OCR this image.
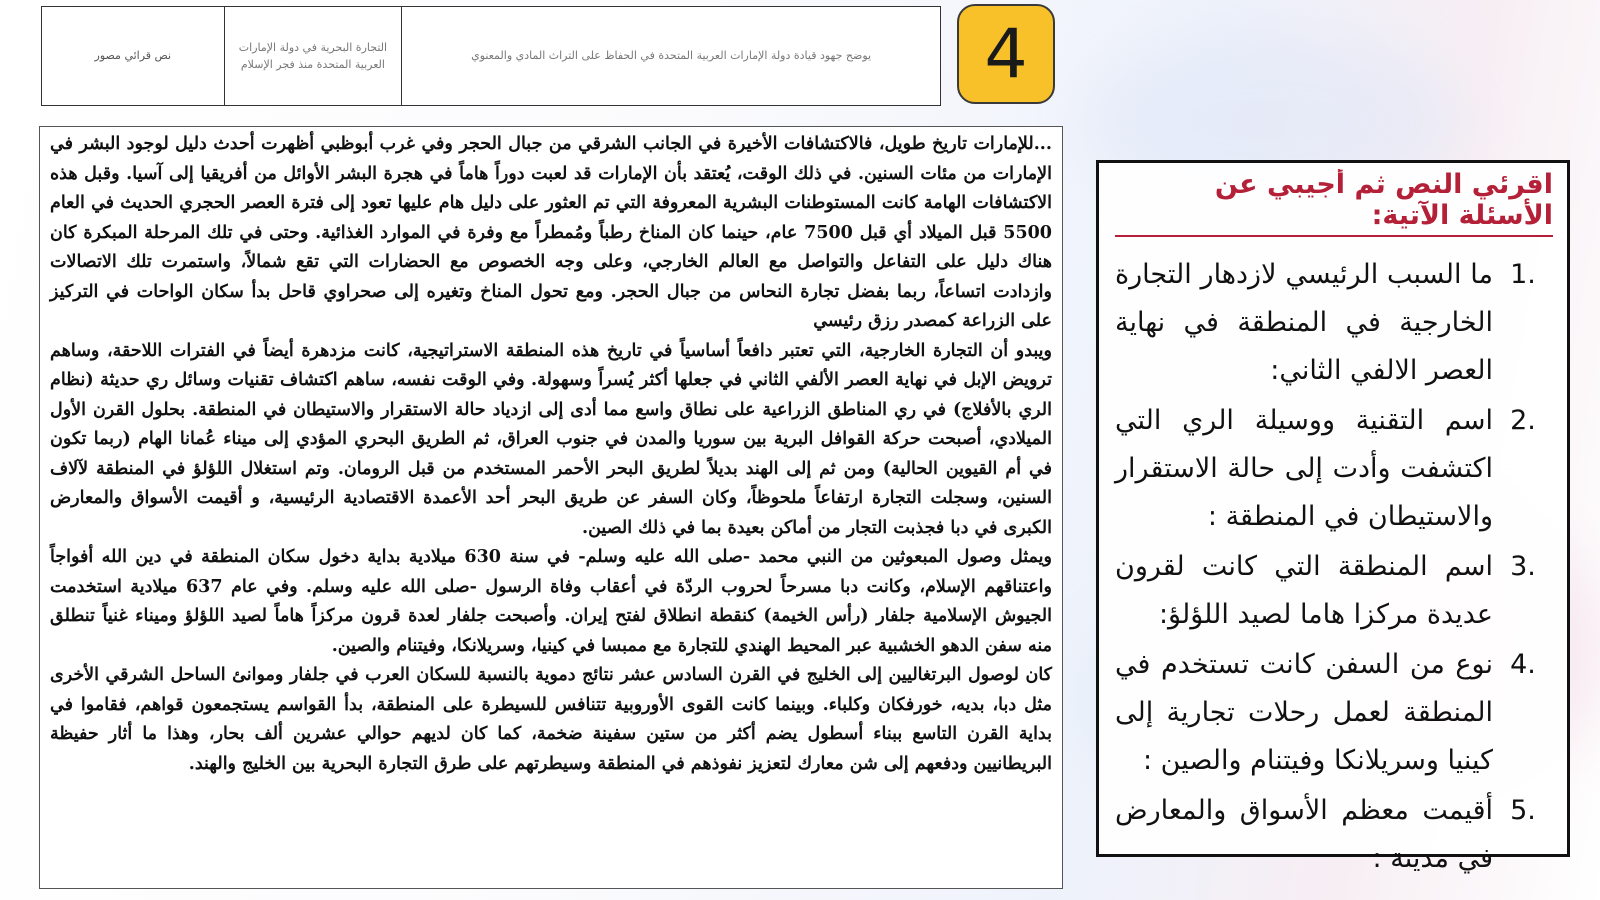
4
يوضح جهود قيادة دولة الإمارات العربية المتحدة في الحفاظ على التراث المادي والمعنوي
التجارة البحرية في دولة الإمارات العربية المتحدة منذ فجر الإسلام
نص قرائي مصور

...للإمارات تاريخ طويل، فالاكتشافات الأخيرة في الجانب الشرقي من جبال الحجر وفي غرب أبوظبي أظهرت أحدث دليل لوجود البشر في الإمارات من مئات السنين. في ذلك الوقت، يُعتقد بأن الإمارات قد لعبت دوراً هاماً في هجرة البشر الأوائل من أفريقيا إلى آسيا. وقبل هذه الاكتشافات الهامة كانت المستوطنات البشرية المعروفة التي تم العثور على دليل هام عليها تعود إلى فترة العصر الحجري الحديث في العام 5500 قبل الميلاد أي قبل 7500 عام، حينما كان المناخ رطباً ومُمطراً مع وفرة في الموارد الغذائية. وحتى في تلك المرحلة المبكرة كان هناك دليل على التفاعل والتواصل مع العالم الخارجي، وعلى وجه الخصوص مع الحضارات التي تقع شمالاً، واستمرت تلك الاتصالات وازدادت اتساعاً، ربما بفضل تجارة النحاس من جبال الحجر. ومع تحول المناخ وتغيره إلى صحراوي قاحل بدأ سكان الواحات في التركيز على الزراعة كمصدر رزق رئيسي

ويبدو أن التجارة الخارجية، التي تعتبر دافعاً أساسياً في تاريخ هذه المنطقة الاستراتيجية، كانت مزدهرة أيضاً في الفترات اللاحقة، وساهم ترويض الإبل في نهاية العصر الألفي الثاني في جعلها أكثر يُسراً وسهولة. وفي الوقت نفسه، ساهم اكتشاف تقنيات وسائل ري حديثة (نظام الري بالأفلاج) في ري المناطق الزراعية على نطاق واسع مما أدى إلى ازدياد حالة الاستقرار والاستيطان في المنطقة. بحلول القرن الأول الميلادي، أصبحت حركة القوافل البرية بين سوريا والمدن في جنوب العراق، ثم الطريق البحري المؤدي إلى ميناء عُمانا الهام (ربما تكون في أم القيوين الحالية) ومن ثم إلى الهند بديلاً لطريق البحر الأحمر المستخدم من قبل الرومان. وتم استغلال اللؤلؤ في المنطقة لآلاف السنين، وسجلت التجارة ارتفاعاً ملحوظاً، وكان السفر عن طريق البحر أحد الأعمدة الاقتصادية الرئيسية، و أقيمت الأسواق والمعارض الكبرى في دبا فجذبت التجار من أماكن بعيدة بما في ذلك الصين.

ويمثل وصول المبعوثين من النبي محمد -صلى الله عليه وسلم- في سنة 630 ميلادية بداية دخول سكان المنطقة في دين الله أفواجاً واعتناقهم الإسلام، وكانت دبا مسرحاً لحروب الردّة في أعقاب وفاة الرسول -صلى الله عليه وسلم. وفي عام 637 ميلادية استخدمت الجيوش الإسلامية جلفار (رأس الخيمة) كنقطة انطلاق لفتح إيران. وأصبحت جلفار لعدة قرون مركزاً هاماً لصيد اللؤلؤ وميناء غنياً تنطلق منه سفن الدهو الخشبية عبر المحيط الهندي للتجارة مع ممبسا في كينيا، وسريلانكا، وفيتنام والصين.

كان لوصول البرتغاليين إلى الخليج في القرن السادس عشر نتائج دموية بالنسبة للسكان العرب في جلفار وموانئ الساحل الشرقي الأخرى مثل دبا، بديه، خورفكان وكلباء. وبينما كانت القوى الأوروبية تتنافس للسيطرة على المنطقة، بدأ القواسم يستجمعون قواهم، فقاموا في بداية القرن التاسع ببناء أسطول يضم أكثر من ستين سفينة ضخمة، كما كان لديهم حوالي عشرين ألف بحار، وهذا ما أثار حفيظة البريطانيين ودفعهم إلى شن معارك لتعزيز نفوذهم في المنطقة وسيطرتهم على طرق التجارة البحرية بين الخليج والهند.

اقرئي النص ثم أجيبي عن الأسئلة الآتية:
1.
ما السبب الرئيسي لازدهار التجارة الخارجية في المنطقة في نهاية العصر الالفي الثاني:
2.
اسم التقنية ووسيلة الري التي اكتشفت وأدت إلى حالة الاستقرار والاستيطان في المنطقة :
3.
اسم المنطقة التي كانت لقرون عديدة مركزا هاما لصيد اللؤلؤ:
4.
نوع من السفن كانت تستخدم في المنطقة لعمل رحلات تجارية إلى كينيا وسريلانكا وفيتنام والصين :
5.
أقيمت معظم الأسواق والمعارض في مدينة :
